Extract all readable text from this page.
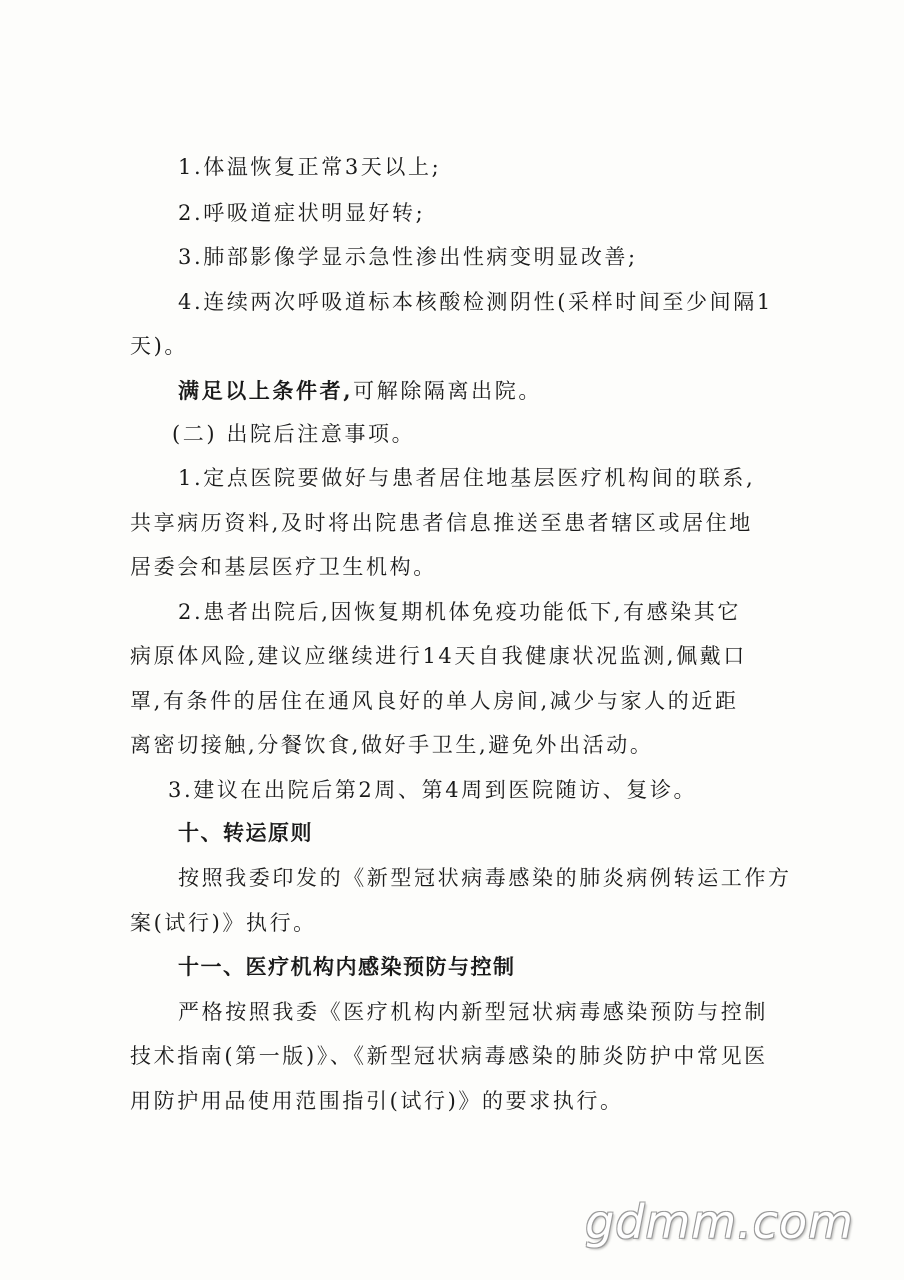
1.体温恢复正常3天以上;
2.呼吸道症状明显好转;
3.肺部影像学显示急性渗出性病变明显改善;
4.连续两次呼吸道标本核酸检测阴性(采样时间至少间隔1
天)。
满足以上条件者,可解除隔离出院。
(二) 出院后注意事项。
1.定点医院要做好与患者居住地基层医疗机构间的联系,
共享病历资料,及时将出院患者信息推送至患者辖区或居住地
居委会和基层医疗卫生机构。
2.患者出院后,因恢复期机体免疫功能低下,有感染其它
病原体风险,建议应继续进行14天自我健康状况监测,佩戴口
罩,有条件的居住在通风良好的单人房间,减少与家人的近距
离密切接触,分餐饮食,做好手卫生,避免外出活动。
3.建议在出院后第2周、第4周到医院随访、复诊。
十、转运原则
按照我委印发的《新型冠状病毒感染的肺炎病例转运工作方
案(试行)》执行。
十一、医疗机构内感染预防与控制
严格按照我委《医疗机构内新型冠状病毒感染预防与控制
技术指南(第一版)》、《新型冠状病毒感染的肺炎防护中常见医
用防护用品使用范围指引(试行)》的要求执行。
gdmm.com
